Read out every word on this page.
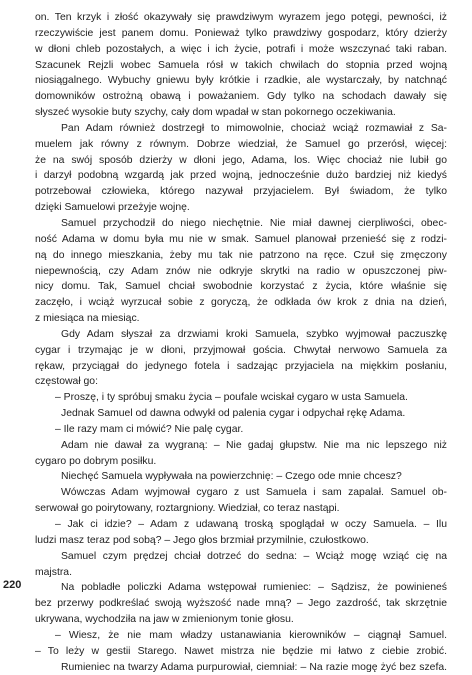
220
on. Ten krzyk i złość okazywały się prawdziwym wyrazem jego potęgi, pewności, iż
rzeczywiście jest panem domu. Ponieważ tylko prawdziwy gospodarz, który dzierży
w dłoni chleb pozostałych, a więc i ich życie, potrafi i może wszczynać taki raban.
Szacunek Rejzli wobec Samuela rósł w takich chwilach do stopnia przed wojną
niosiągalnego. Wybuchy gniewu były krótkie i rzadkie, ale wystarczały, by natchnąć
domowników ostrożną obawą i poważaniem. Gdy tylko na schodach dawały się
słyszeć wysokie buty szychy, cały dom wpadał w stan pokornego oczekiwania.
Pan Adam również dostrzegł to mimowolnie, chociaż wciąż rozmawiał z Sa-
muelem jak równy z równym. Dobrze wiedział, że Samuel go przerósł, więcej:
że na swój sposób dzierży w dłoni jego, Adama, los. Więc chociaż nie lubił go
i darzył podobną wzgardą jak przed wojną, jednocześnie dużo bardziej niż kiedyś
potrzebował człowieka, którego nazywał przyjacielem. Był świadom, że tylko
dzięki Samuelowi przeżyje wojnę.
Samuel przychodził do niego niechętnie. Nie miał dawnej cierpliwości, obec-
ność Adama w domu była mu nie w smak. Samuel planował przenieść się z rodzi-
ną do innego mieszkania, żeby mu tak nie patrzono na ręce. Czuł się zmęczony
niepewnością, czy Adam znów nie odkryje skrytki na radio w opuszczonej piw-
nicy domu. Tak, Samuel chciał swobodnie korzystać z życia, które właśnie się
zaczęło, i wciąż wyrzucał sobie z goryczą, że odkłada ów krok z dnia na dzień,
z miesiąca na miesiąc.
Gdy Adam słyszał za drzwiami kroki Samuela, szybko wyjmował paczuszkę
cygar i trzymając je w dłoni, przyjmował gościa. Chwytał nerwowo Samuela za
rękaw, przyciągał do jedynego fotela i sadzając przyjaciela na miękkim posłaniu,
częstował go:
– Proszę, i ty spróbuj smaku życia – poufale wciskał cygaro w usta Samuela.
Jednak Samuel od dawna odwykł od palenia cygar i odpychał rękę Adama.
– Ile razy mam ci mówić? Nie palę cygar.
Adam nie dawał za wygraną: – Nie gadaj głupstw. Nie ma nic lepszego niż
cygaro po dobrym posiłku.
Niechęć Samuela wypływała na powierzchnię: – Czego ode mnie chcesz?
Wówczas Adam wyjmował cygaro z ust Samuela i sam zapalał. Samuel ob-
serwował go poirytowany, roztargniony. Wiedział, co teraz nastąpi.
– Jak ci idzie? – Adam z udawaną troską spoglądał w oczy Samuela. – Ilu
ludzi masz teraz pod sobą? – Jego głos brzmiał przymilnie, czułostkowo.
Samuel czym prędzej chciał dotrzeć do sedna: – Wciąż mogę wziąć cię na
majstra.
Na pobladłe policzki Adama wstępował rumieniec: – Sądzisz, że powinieneś
bez przerwy podkreślać swoją wyższość nade mną? – Jego zazdrość, tak skrzętnie
ukrywana, wychodziła na jaw w zmienionym tonie głosu.
– Wiesz, że nie mam władzy ustanawiania kierowników – ciągnął Samuel.
– To leży w gestii Starego. Nawet mistrza nie będzie mi łatwo z ciebie zrobić.
Rumieniec na twarzy Adama purpurowiał, ciemniał: – Na razie mogę żyć bez szefa.
